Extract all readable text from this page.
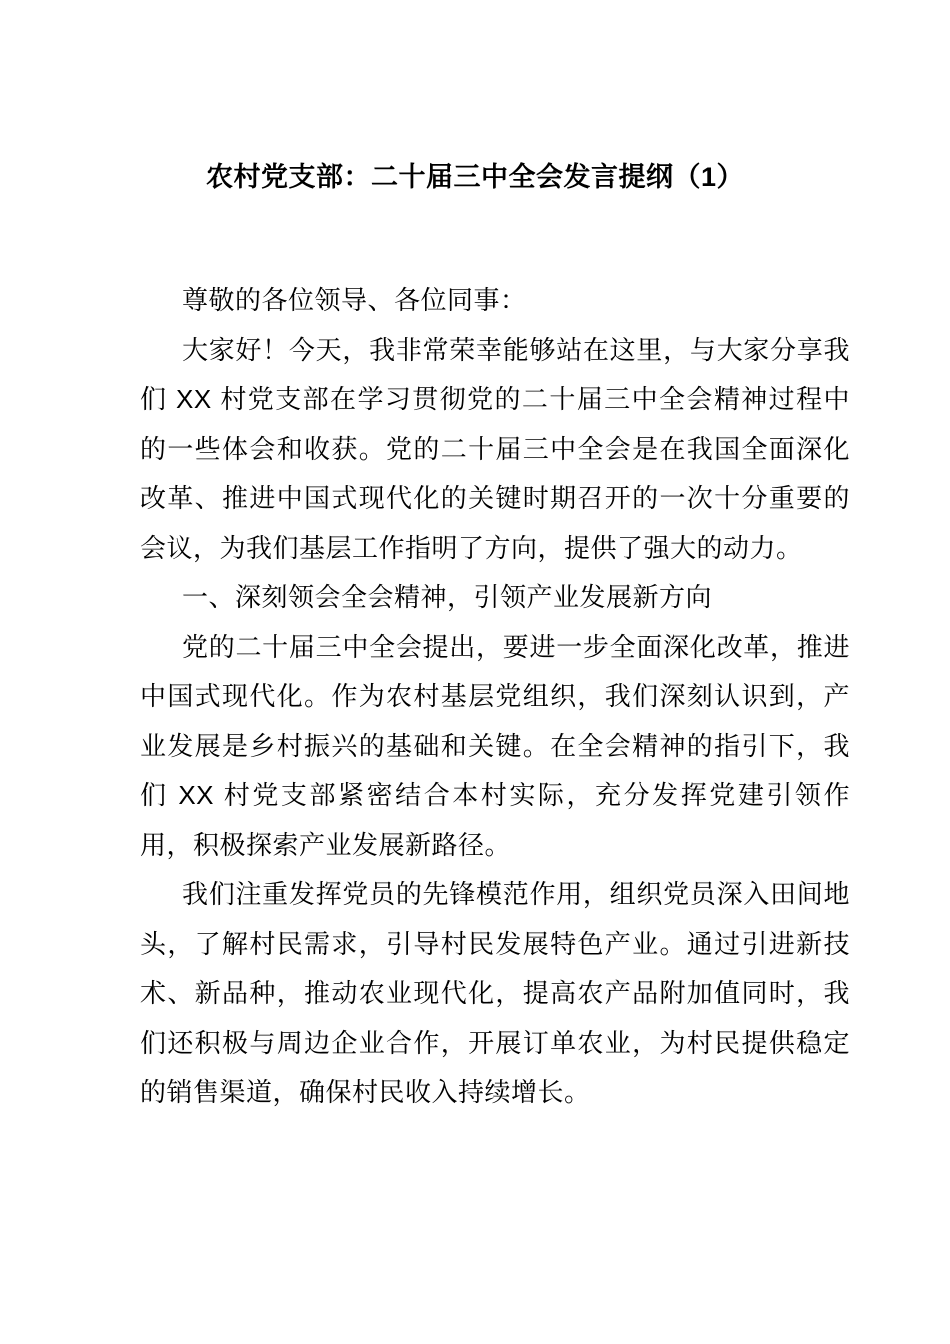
农村党支部：二十届三中全会发言提纲（1）

尊敬的各位领导、各位同事：

大家好！今天，我非常荣幸能够站在这里，与大家分享我们 XX 村党支部在学习贯彻党的二十届三中全会精神过程中的一些体会和收获。党的二十届三中全会是在我国全面深化改革、推进中国式现代化的关键时期召开的一次十分重要的会议，为我们基层工作指明了方向，提供了强大的动力。

一、深刻领会全会精神，引领产业发展新方向

党的二十届三中全会提出，要进一步全面深化改革，推进中国式现代化。作为农村基层党组织，我们深刻认识到，产业发展是乡村振兴的基础和关键。在全会精神的指引下，我们 XX 村党支部紧密结合本村实际，充分发挥党建引领作用，积极探索产业发展新路径。

我们注重发挥党员的先锋模范作用，组织党员深入田间地头，了解村民需求，引导村民发展特色产业。通过引进新技术、新品种，推动农业现代化，提高农产品附加值同时，我们还积极与周边企业合作，开展订单农业，为村民提供稳定的销售渠道，确保村民收入持续增长。
